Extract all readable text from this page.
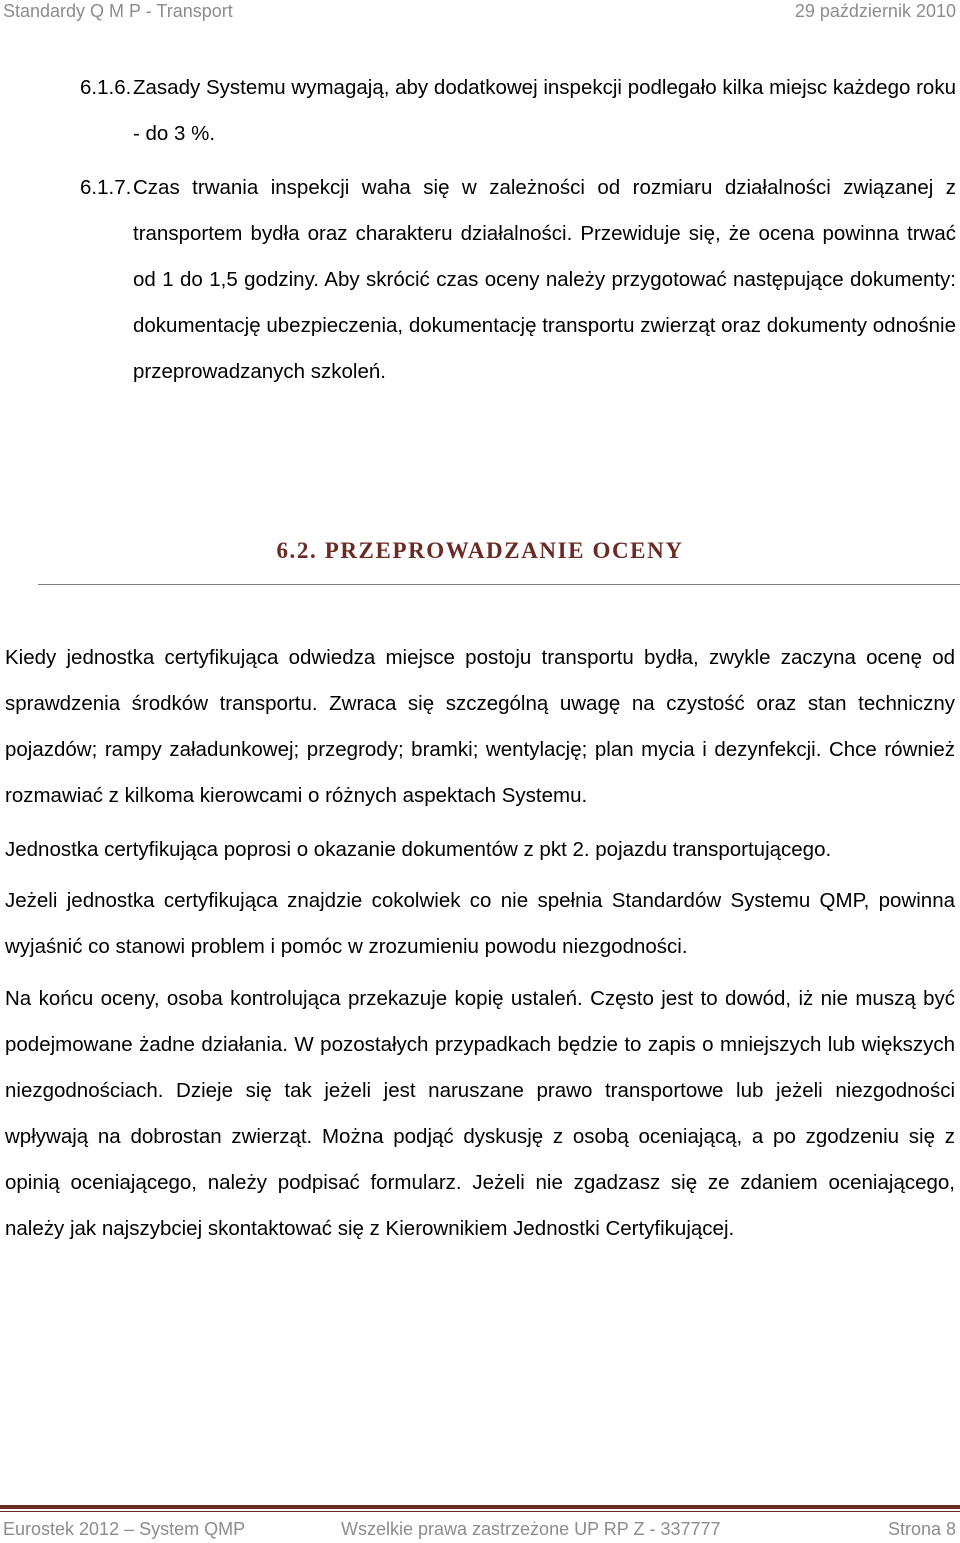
Standardy Q M P - Transport	29 październik 2010
6.1.6. Zasady Systemu wymagają, aby dodatkowej inspekcji podlegało kilka miejsc każdego roku - do 3 %.
6.1.7. Czas trwania inspekcji waha się w zależności od rozmiaru działalności związanej z transportem bydła oraz charakteru działalności. Przewiduje się, że ocena powinna trwać od 1 do 1,5 godziny. Aby skrócić czas oceny należy przygotować następujące dokumenty: dokumentację ubezpieczenia, dokumentację transportu zwierząt oraz dokumenty odnośnie przeprowadzanych szkoleń.
6.2. PRZEPROWADZANIE OCENY

Kiedy jednostka certyfikująca odwiedza miejsce postoju transportu bydła, zwykle zaczyna ocenę od sprawdzenia środków transportu. Zwraca się szczególną uwagę na czystość oraz stan techniczny pojazdów; rampy załadunkowej; przegrody; bramki; wentylację; plan mycia i dezynfekcji. Chce również rozmawiać z kilkoma kierowcami o różnych aspektach Systemu.

Jednostka certyfikująca poprosi o okazanie dokumentów z pkt 2. pojazdu transportującego.

Jeżeli jednostka certyfikująca znajdzie cokolwiek co nie spełnia Standardów Systemu QMP, powinna wyjaśnić co stanowi problem i pomóc w zrozumieniu powodu niezgodności.

Na końcu oceny, osoba kontrolująca przekazuje kopię ustaleń. Często jest to dowód, iż nie muszą być podejmowane żadne działania. W pozostałych przypadkach będzie to zapis o mniejszych lub większych niezgodnościach. Dzieje się tak jeżeli jest naruszane prawo transportowe lub jeżeli niezgodności wpływają na dobrostan zwierząt. Można podjąć dyskusję z osobą oceniającą, a po zgodzeniu się z opinią oceniającego, należy podpisać formularz. Jeżeli nie zgadzasz się ze zdaniem oceniającego, należy jak najszybciej skontaktować się z Kierownikiem Jednostki Certyfikującej.

Eurostek 2012 – System QMP	Wszelkie prawa zastrzeżone UP RP Z - 337777	Strona 8
